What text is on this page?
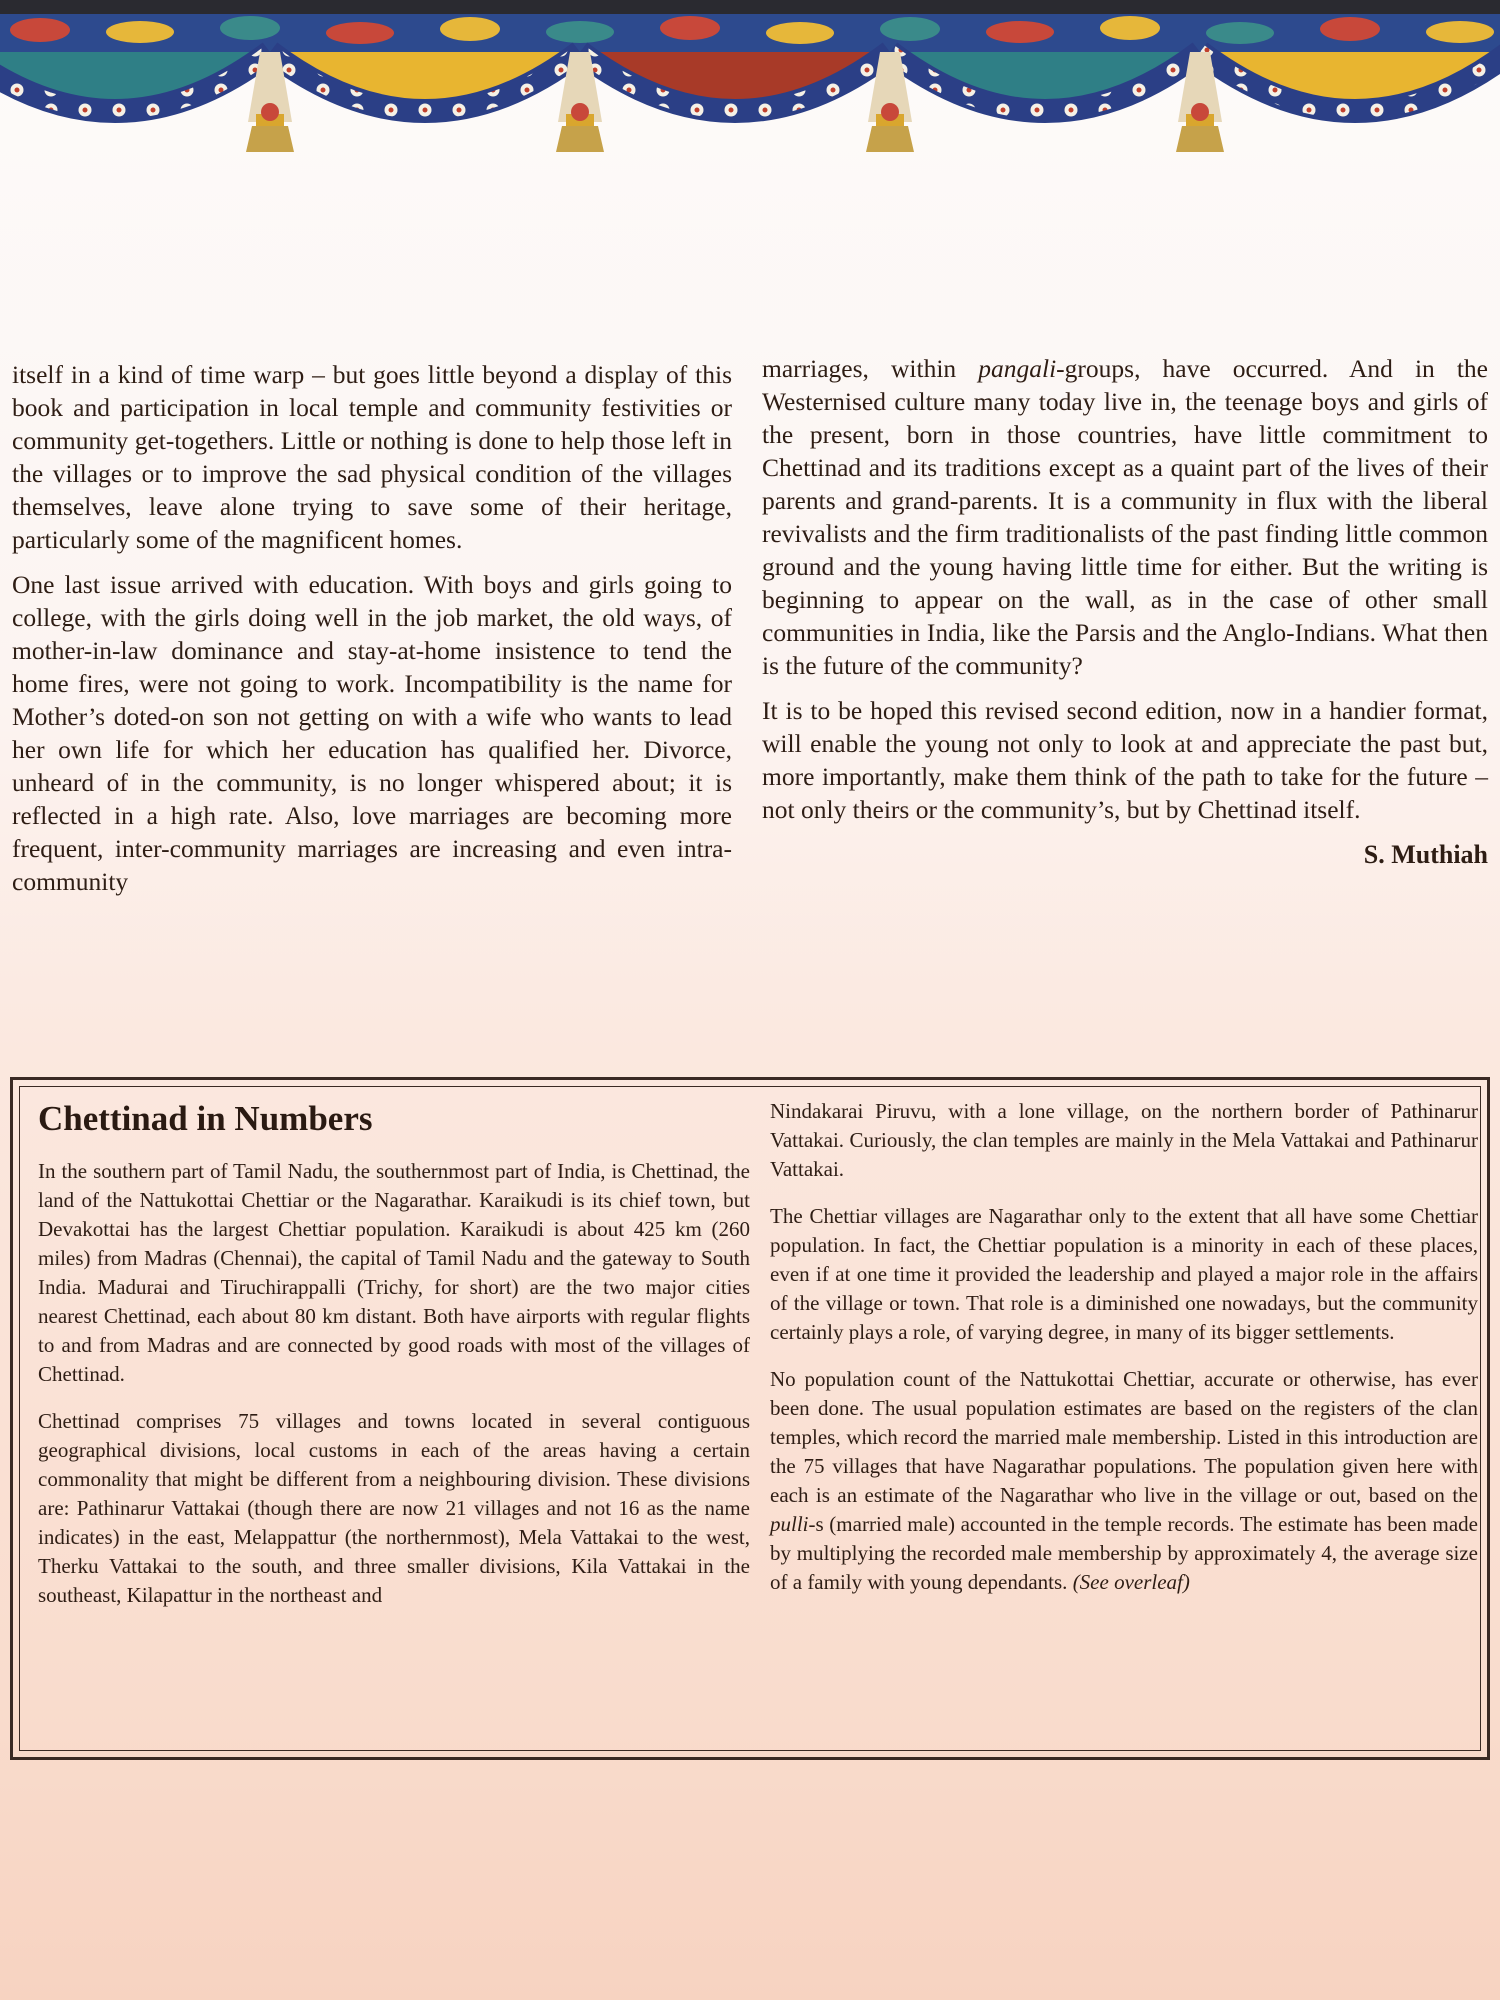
itself in a kind of time warp – but goes little beyond a display of this book and participation in local temple and community festivities or community get-togethers. Little or nothing is done to help those left in the villages or to improve the sad physical condition of the villages themselves, leave alone trying to save some of their heritage, particularly some of the magnificent homes.

One last issue arrived with education. With boys and girls going to college, with the girls doing well in the job market, the old ways, of mother-in-law dominance and stay-at-home insistence to tend the home fires, were not going to work. Incompatibility is the name for Mother’s doted-on son not getting on with a wife who wants to lead her own life for which her education has qualified her. Divorce, unheard of in the community, is no longer whispered about; it is reflected in a high rate. Also, love marriages are becoming more frequent, inter-community marriages are increasing and even intra-community

marriages, within pangali-groups, have occurred. And in the Westernised culture many today live in, the teenage boys and girls of the present, born in those countries, have little commitment to Chettinad and its traditions except as a quaint part of the lives of their parents and grand-parents. It is a community in flux with the liberal revivalists and the firm traditionalists of the past finding little common ground and the young having little time for either. But the writing is beginning to appear on the wall, as in the case of other small communities in India, like the Parsis and the Anglo-Indians. What then is the future of the community?

It is to be hoped this revised second edition, now in a handier format, will enable the young not only to look at and appreciate the past but, more importantly, make them think of the path to take for the future – not only theirs or the community’s, but by Chettinad itself.

S. Muthiah
Chettinad in Numbers

In the southern part of Tamil Nadu, the southernmost part of India, is Chettinad, the land of the Nattukottai Chettiar or the Nagarathar. Karaikudi is its chief town, but Devakottai has the largest Chettiar population. Karaikudi is about 425 km (260 miles) from Madras (Chennai), the capital of Tamil Nadu and the gateway to South India. Madurai and Tiruchirappalli (Trichy, for short) are the two major cities nearest Chettinad, each about 80 km distant. Both have airports with regular flights to and from Madras and are connected by good roads with most of the villages of Chettinad.

Chettinad comprises 75 villages and towns located in several contiguous geographical divisions, local customs in each of the areas having a certain commonality that might be different from a neighbouring division. These divisions are: Pathinarur Vattakai (though there are now 21 villages and not 16 as the name indicates) in the east, Melappattur (the northernmost), Mela Vattakai to the west, Therku Vattakai to the south, and three smaller divisions, Kila Vattakai in the southeast, Kilapattur in the northeast and

Nindakarai Piruvu, with a lone village, on the northern border of Pathinarur Vattakai. Curiously, the clan temples are mainly in the Mela Vattakai and Pathinarur Vattakai.

The Chettiar villages are Nagarathar only to the extent that all have some Chettiar population. In fact, the Chettiar population is a minority in each of these places, even if at one time it provided the leadership and played a major role in the affairs of the village or town. That role is a diminished one nowadays, but the community certainly plays a role, of varying degree, in many of its bigger settlements.

No population count of the Nattukottai Chettiar, accurate or otherwise, has ever been done. The usual population estimates are based on the registers of the clan temples, which record the married male membership. Listed in this introduction are the 75 villages that have Nagarathar populations. The population given here with each is an estimate of the Nagarathar who live in the village or out, based on the pulli-s (married male) accounted in the temple records. The estimate has been made by multiplying the recorded male membership by approximately 4, the average size of a family with young dependants. (See overleaf)
